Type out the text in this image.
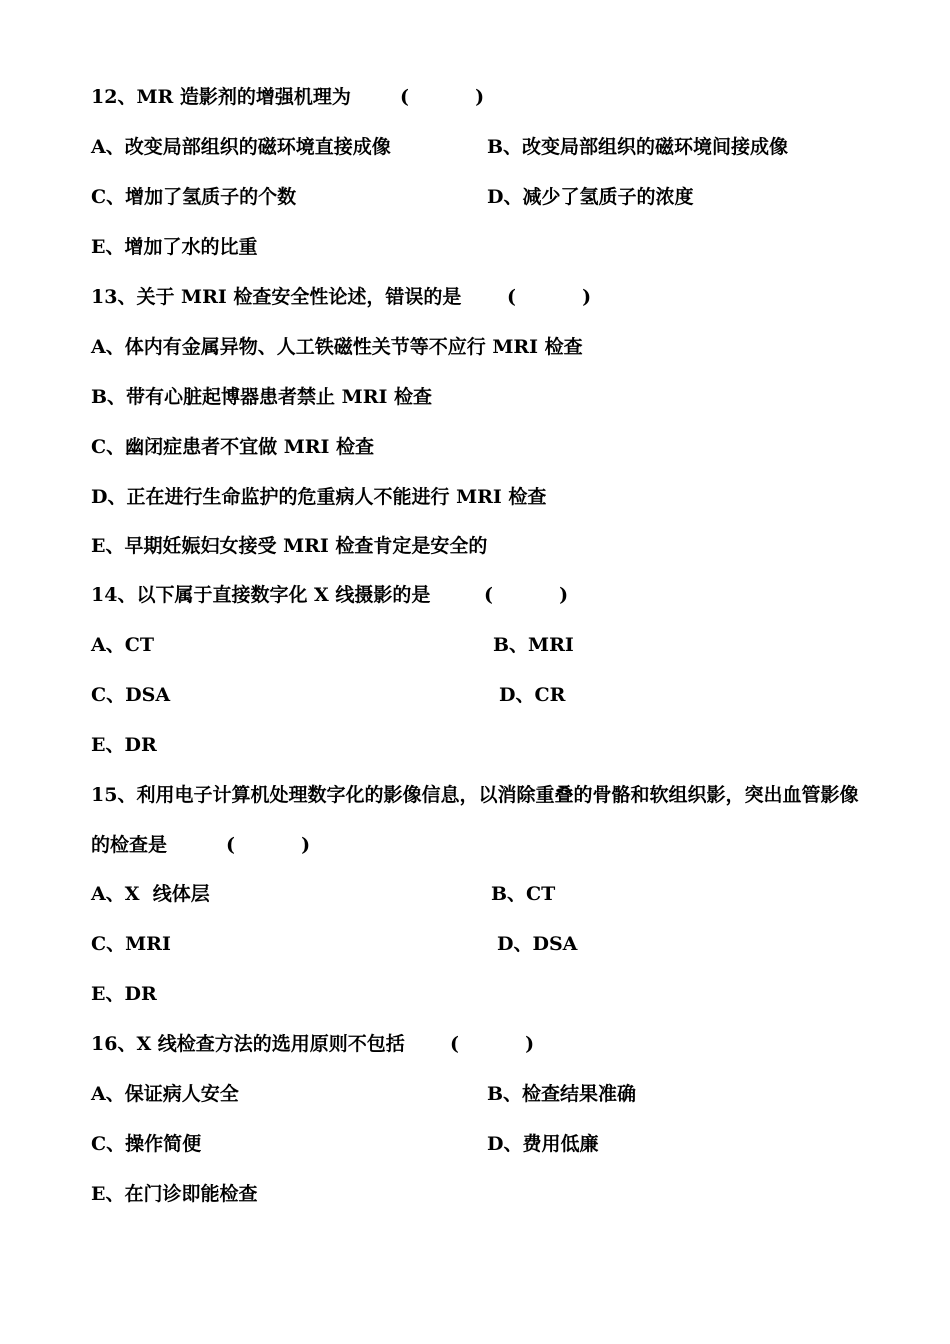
12、MR 造影剂的增强机理为	(          )
A、改变局部组织的磁环境直接成像	B、改变局部组织的磁环境间接成像
C、增加了氢质子的个数	D、减少了氢质子的浓度
E、增加了水的比重
13、关于 MRI 检查安全性论述，错误的是 (          )
A、体内有金属异物、人工铁磁性关节等不应行 MRI 检查
B、带有心脏起博器患者禁止 MRI 检查
C、幽闭症患者不宜做 MRI 检查
D、正在进行生命监护的危重病人不能进行 MRI 检查
E、早期妊娠妇女接受 MRI 检查肯定是安全的
14、以下属于直接数字化 X 线摄影的是	(          )
A、CT	B、MRI
C、DSA	D、CR
E、DR
15、利用电子计算机处理数字化的影像信息，以消除重叠的骨骼和软组织影，突出血管影像
的检查是	(          )
A、X  线体层	B、CT
C、MRI	D、DSA
E、DR
16、X 线检查方法的选用原则不包括 (          )
A、保证病人安全	B、检查结果准确
C、操作简便	D、费用低廉
E、在门诊即能检查
